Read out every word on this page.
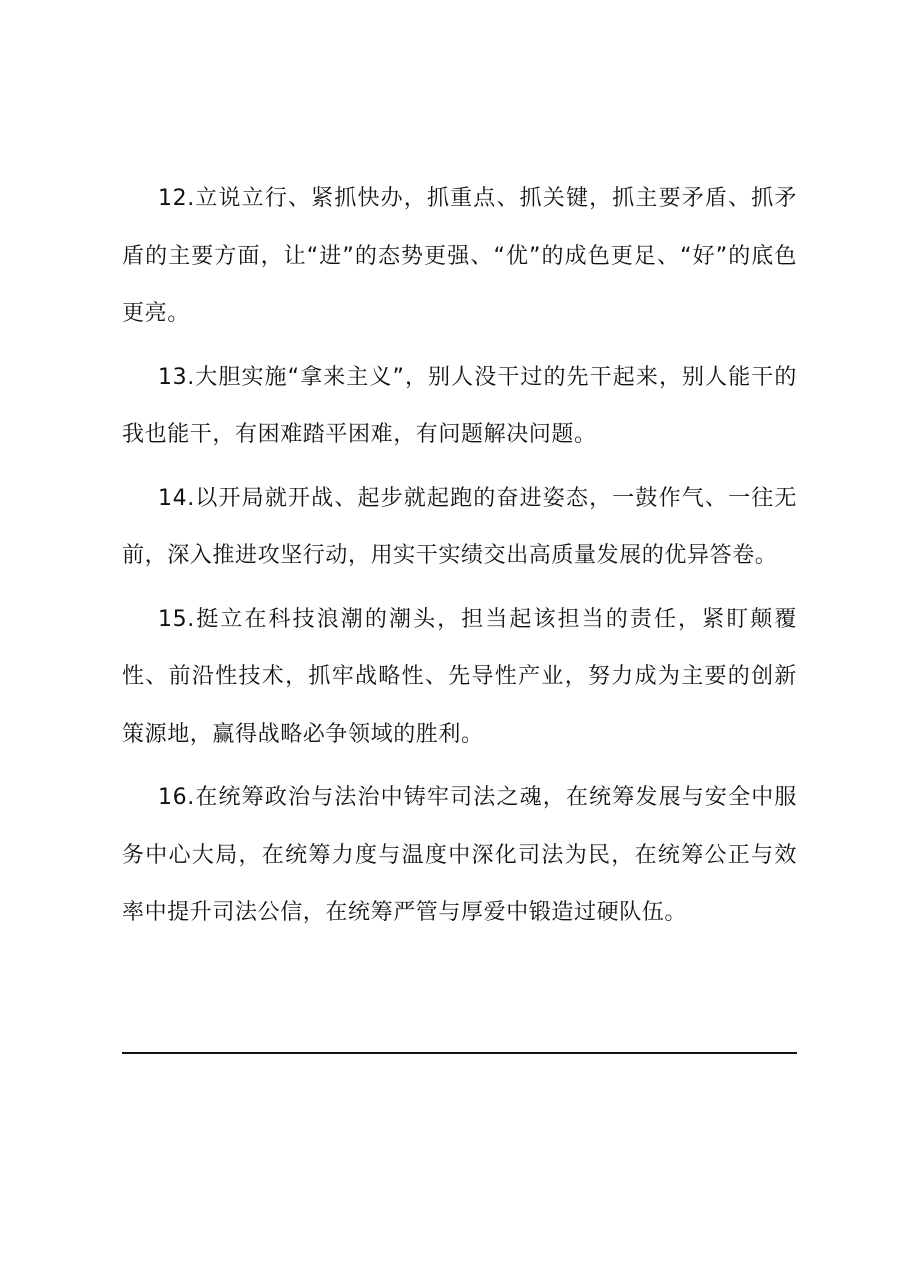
12.立说立行、紧抓快办，抓重点、抓关键，抓主要矛盾、抓矛盾的主要方面，让“进”的态势更强、“优”的成色更足、“好”的底色更亮。

13.大胆实施“拿来主义”，别人没干过的先干起来，别人能干的我也能干，有困难踏平困难，有问题解决问题。

14.以开局就开战、起步就起跑的奋进姿态，一鼓作气、一往无前，深入推进攻坚行动，用实干实绩交出高质量发展的优异答卷。

15.挺立在科技浪潮的潮头，担当起该担当的责任，紧盯颠覆性、前沿性技术，抓牢战略性、先导性产业，努力成为主要的创新策源地，赢得战略必争领域的胜利。

16.在统筹政治与法治中铸牢司法之魂，在统筹发展与安全中服务中心大局，在统筹力度与温度中深化司法为民，在统筹公正与效率中提升司法公信，在统筹严管与厚爱中锻造过硬队伍。
